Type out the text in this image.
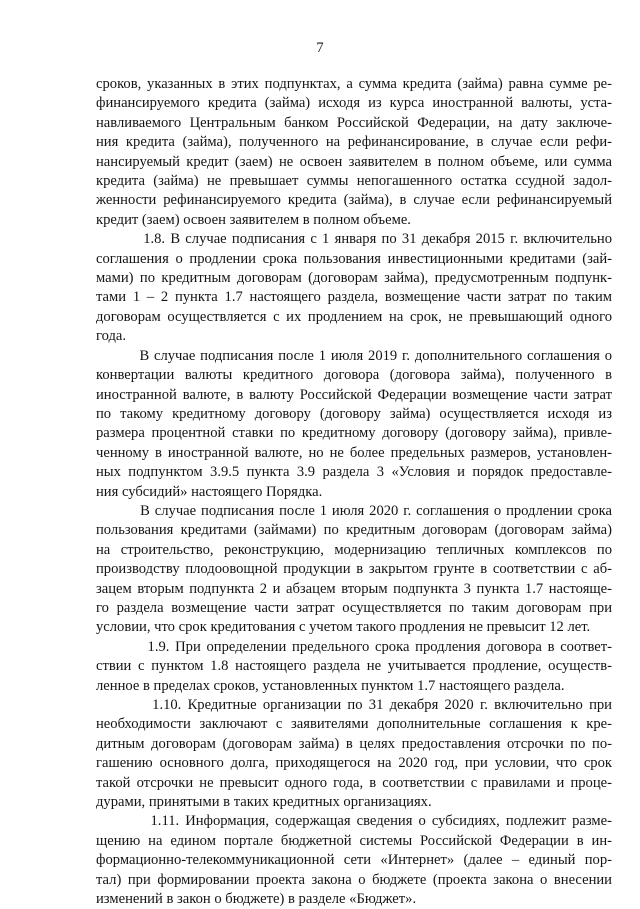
7
сроков, указанных в этих подпунктах, а сумма кредита (займа) равна сумме ре-
финансируемого кредита (займа) исходя из курса иностранной валюты, уста-
навливаемого Центральным банком Российской Федерации, на дату заключе-
ния кредита (займа), полученного на рефинансирование, в случае если рефи-
нансируемый кредит (заем) не освоен заявителем в полном объеме, или сумма
кредита (займа) не превышает суммы непогашенного остатка ссудной задол-
женности рефинансируемого кредита (займа), в случае если рефинансируемый
кредит (заем) освоен заявителем в полном объеме.
1.8. В случае подписания с 1 января по 31 декабря 2015 г. включительно
соглашения о продлении срока пользования инвестиционными кредитами (зай-
мами) по кредитным договорам (договорам займа), предусмотренным подпунк-
тами 1 – 2 пункта 1.7 настоящего раздела, возмещение части затрат по таким
договорам осуществляется с их продлением на срок, не превышающий одного
года.
В случае подписания после 1 июля 2019 г. дополнительного соглашения о
конвертации валюты кредитного договора (договора займа), полученного в
иностранной валюте, в валюту Российской Федерации возмещение части затрат
по такому кредитному договору (договору займа) осуществляется исходя из
размера процентной ставки по кредитному договору (договору займа), привле-
ченному в иностранной валюте, но не более предельных размеров, установлен-
ных подпунктом 3.9.5 пункта 3.9 раздела 3 «Условия и порядок предоставле-
ния субсидий» настоящего Порядка.
В случае подписания после 1 июля 2020 г. соглашения о продлении срока
пользования кредитами (займами) по кредитным договорам (договорам займа)
на строительство, реконструкцию, модернизацию тепличных комплексов по
производству плодоовощной продукции в закрытом грунте в соответствии с аб-
зацем вторым подпункта 2 и абзацем вторым подпункта 3 пункта 1.7 настояще-
го раздела возмещение части затрат осуществляется по таким договорам при
условии, что срок кредитования с учетом такого продления не превысит 12 лет.
1.9. При определении предельного срока продления договора в соответ-
ствии с пунктом 1.8 настоящего раздела не учитывается продление, осуществ-
ленное в пределах сроков, установленных пунктом 1.7 настоящего раздела.
1.10. Кредитные организации по 31 декабря 2020 г. включительно при
необходимости заключают с заявителями дополнительные соглашения к кре-
дитным договорам (договорам займа) в целях предоставления отсрочки по по-
гашению основного долга, приходящегося на 2020 год, при условии, что срок
такой отсрочки не превысит одного года, в соответствии с правилами и проце-
дурами, принятыми в таких кредитных организациях.
1.11. Информация, содержащая сведения о субсидиях, подлежит разме-
щению на едином портале бюджетной системы Российской Федерации в ин-
формационно-телекоммуникационной сети «Интернет» (далее – единый пор-
тал) при формировании проекта закона о бюджете (проекта закона о внесении
изменений в закон о бюджете) в разделе «Бюджет».
